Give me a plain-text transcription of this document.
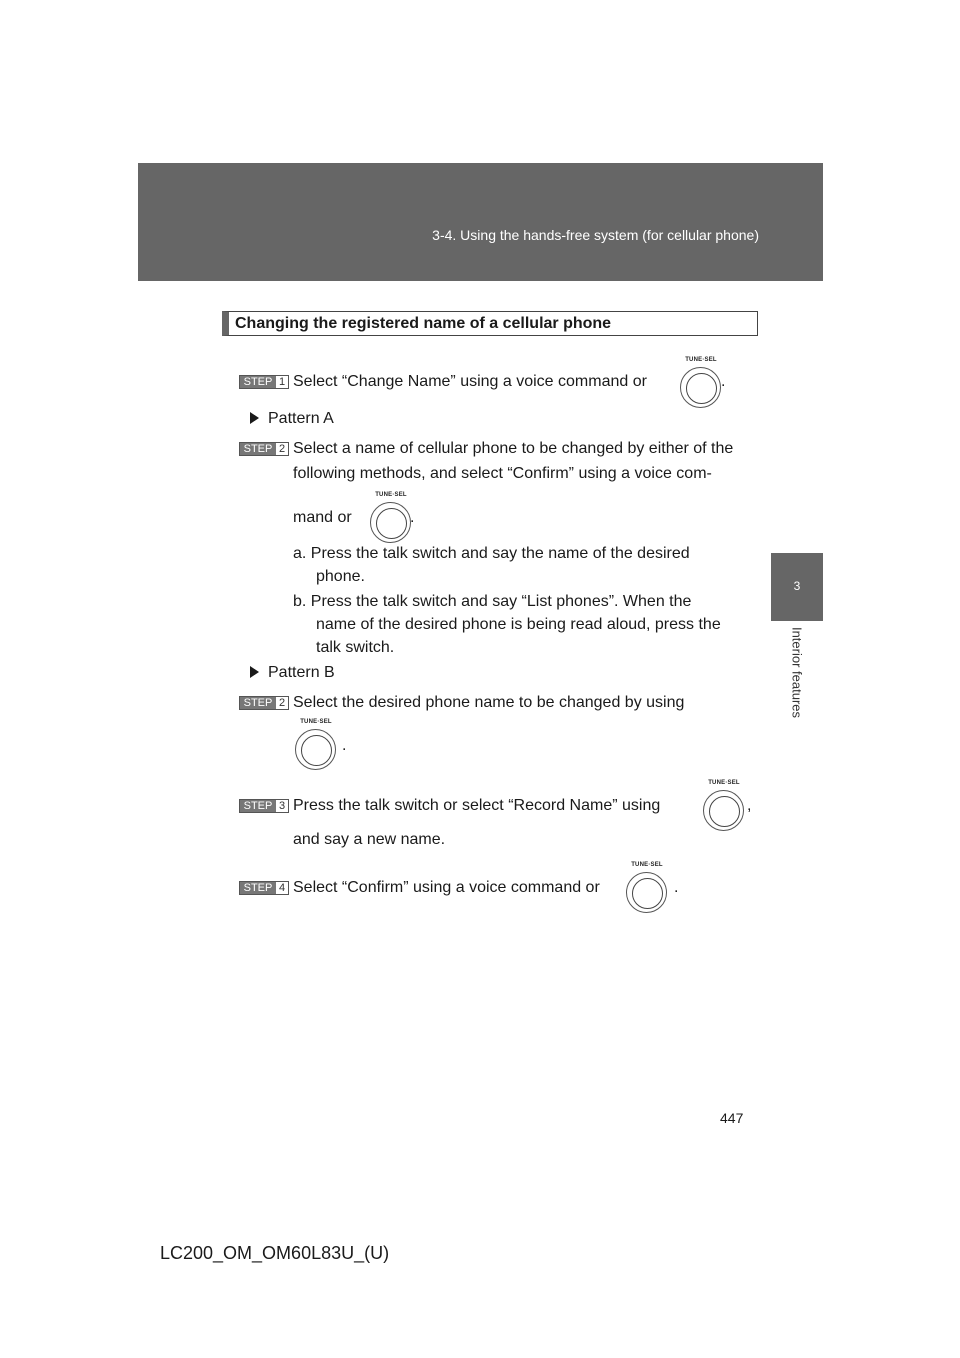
3-4. Using the hands-free system (for cellular phone)
3
Interior features
Changing the registered name of a cellular phone
STEP 1 Select “Change Name” using a voice command or
TUNE·SEL
.
Pattern A
STEP 2 Select a name of cellular phone to be changed by either of the
following methods, and select “Confirm” using a voice com-
mand or
TUNE·SEL
.
a. Press the talk switch and say the name of the desired
phone.
b. Press the talk switch and say “List phones”. When the
name of the desired phone is being read aloud, press the
talk switch.
Pattern B
STEP 2 Select the desired phone name to be changed by using
TUNE·SEL
.
STEP 3 Press the talk switch or select “Record Name” using
TUNE·SEL
,
and say a new name.
STEP 4 Select “Confirm” using a voice command or
TUNE·SEL
.
447
LC200_OM_OM60L83U_(U)
